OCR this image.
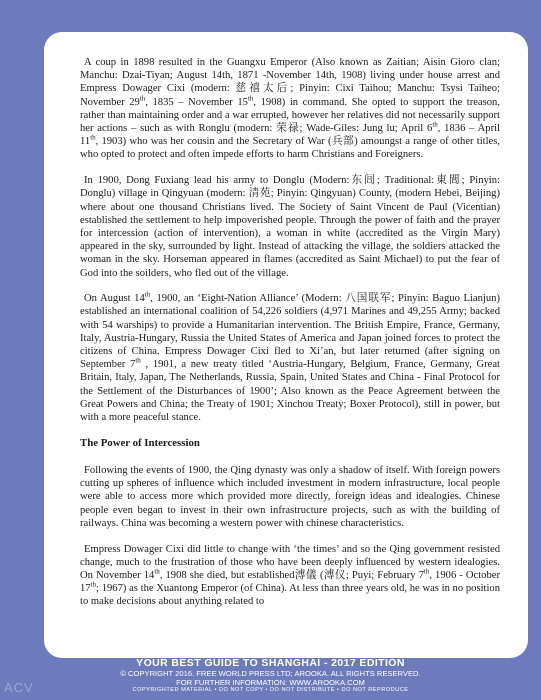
A coup in 1898 resulted in the Guangxu Emperor (Also known as Zaitian; Aisin Gioro clan; Manchu: Dzai-Tiyan; August 14th, 1871 -November 14th, 1908) living under house arrest and Empress Dowager Cixi (modern: 慈禧太后; Pinyin: Cixi Taihou; Manchu: Tsysi Taiheo; November 29th, 1835 – November 15th, 1908) in command. She opted to support the treason, rather than maintaining order and a war errupted, however her relatives did not necessarily support her actions – such as with Ronglu (modern: 荣禄; Wade-Giles: Jung lu; April 6th, 1836 – April 11th, 1903) who was her cousin and the Secretary of War (兵部) amoungst a range of other titles, who opted to protect and often impede efforts to harm Christians and Foreigners.

In 1900, Dong Fuxiang lead his army to Donglu (Modern:东闾; Traditional:東閭; Pinyin: Donglu) village in Qingyuan (modern: 清苑; Pinyin: Qingyuan) County, (modern Hebei, Beijing) where about one thousand Christians lived. The Society of Saint Vincent de Paul (Vicentian) established the settlement to help impoverished people. Through the power of faith and the prayer for intercession (action of intervention), a woman in white (accredited as the Virgin Mary) appeared in the sky, surrounded by light. Instead of attacking the village, the soldiers attacked the woman in the sky. Horseman appeared in flames (accredited as Saint Michael) to put the fear of God into the soilders, who fled out of the village.

On August 14th, 1900, an ‘Eight-Nation Alliance’ (Modern: 八国联军; Pinyin: Baguo Lianjun) established an international coalition of 54,226 soldiers (4,971 Marines and 49,255 Army; backed with 54 warships) to provide a Humanitarian intervention. The British Empire, France, Germany, Italy, Austria-Hungary, Russia the United States of America and Japan joined forces to protect the citizens of China. Empress Dowager Cixi fled to Xi’an, but later returned (after signing on September 7th , 1901, a new treaty titled ‘Austria-Hungary, Belgium, France, Germany, Great Britain, Italy, Japan, The Netherlands, Russia, Spain, United States and China - Final Protocol for the Settlement of the Disturbances of 1900’; Also known as the Peace Agreement between the Great Powers and China; the Treaty of 1901; Xinchou Treaty; Boxer Protocol), still in power, but with a more peaceful stance.

The Power of Intercession

Following the events of 1900, the Qing dynasty was only a shadow of itself. With foreign powers cutting up spheres of influence which included investment in modern infrastructure, local people were able to access more which provided more directly, foreign ideas and idealogies. Chinese people even began to invest in their own infrastructure projects, such as with the building of railways. China was becoming a western power with chinese characteristics.

Empress Dowager Cixi did little to change with ‘the times’ and so the Qing government resisted change, much to the frustration of those who have been deeply influenced by western idealogies. On November 14th, 1908 she died, but established溥儀 (溥仪; Puyi; February 7th, 1906 - October 17th; 1967) as the Xuantong Emperor (of China). At less than three years old, he was in no position to make decisions about anything related to

YOUR BEST GUIDE TO SHANGHAI - 2017 EDITION
© COPYRIGHT 2016. FREE WORLD PRESS LTD; AROOKA. ALL RIGHTS RESERVED.
FOR FURTHER INFORMATION: WWW.AROOKA.COM
COPYRIGHTED MATERIAL • DO NOT COPY • DO NOT DISTRIBUTE • DO NOT REPRODUCE
ACV
